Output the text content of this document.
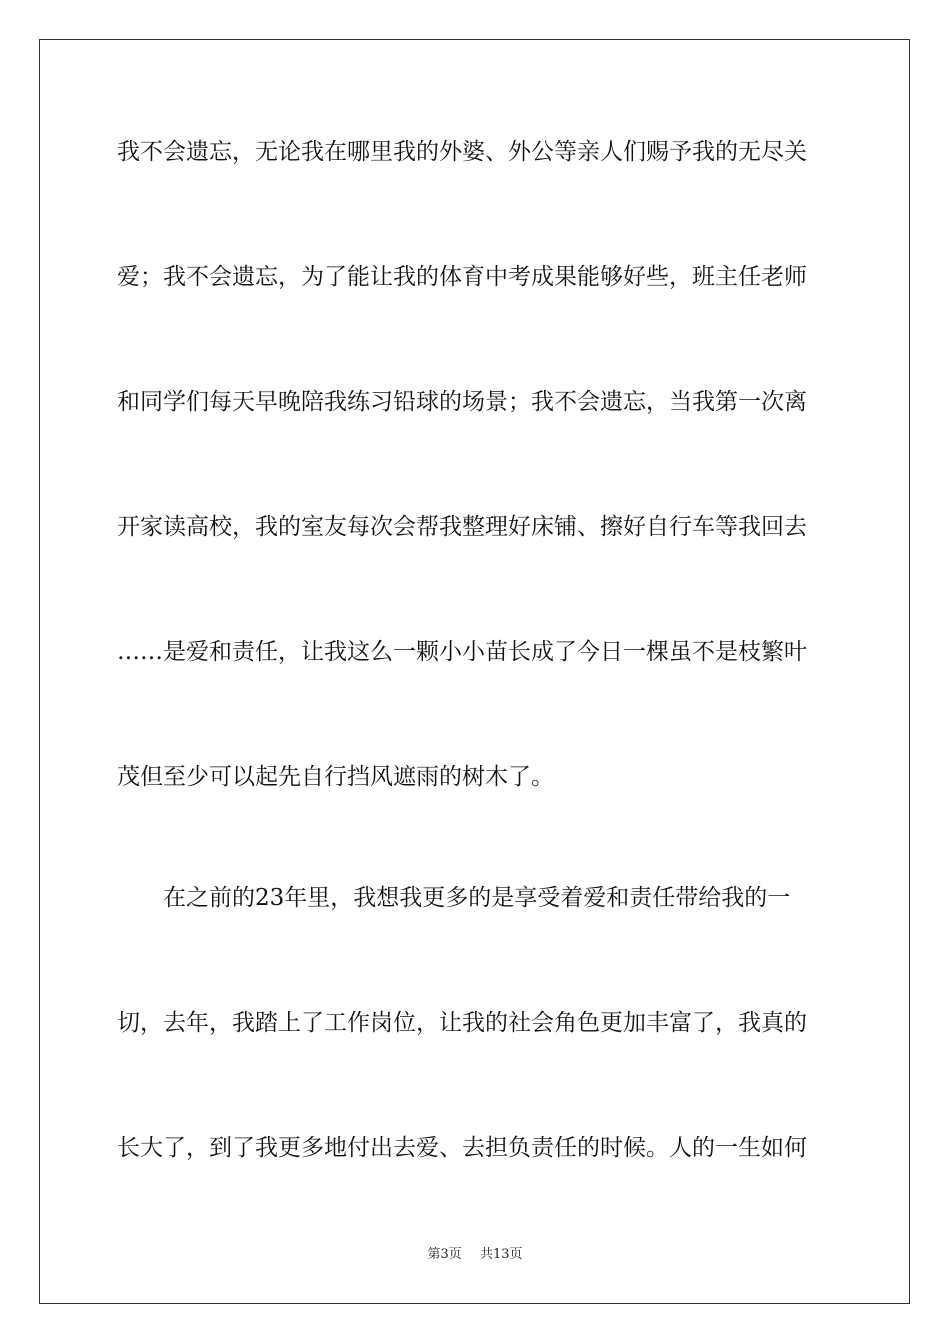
我不会遗忘，无论我在哪里我的外婆、外公等亲人们赐予我的无尽关
爱；我不会遗忘，为了能让我的体育中考成果能够好些，班主任老师
和同学们每天早晚陪我练习铅球的场景；我不会遗忘，当我第一次离
开家读高校，我的室友每次会帮我整理好床铺、擦好自行车等我回去
……是爱和责任，让我这么一颗小小苗长成了今日一棵虽不是枝繁叶
茂但至少可以起先自行挡风遮雨的树木了。
　　在之前的23年里，我想我更多的是享受着爱和责任带给我的一
切，去年，我踏上了工作岗位，让我的社会角色更加丰富了，我真的
长大了，到了我更多地付出去爱、去担负责任的时候。人的一生如何
第3页 共13页
